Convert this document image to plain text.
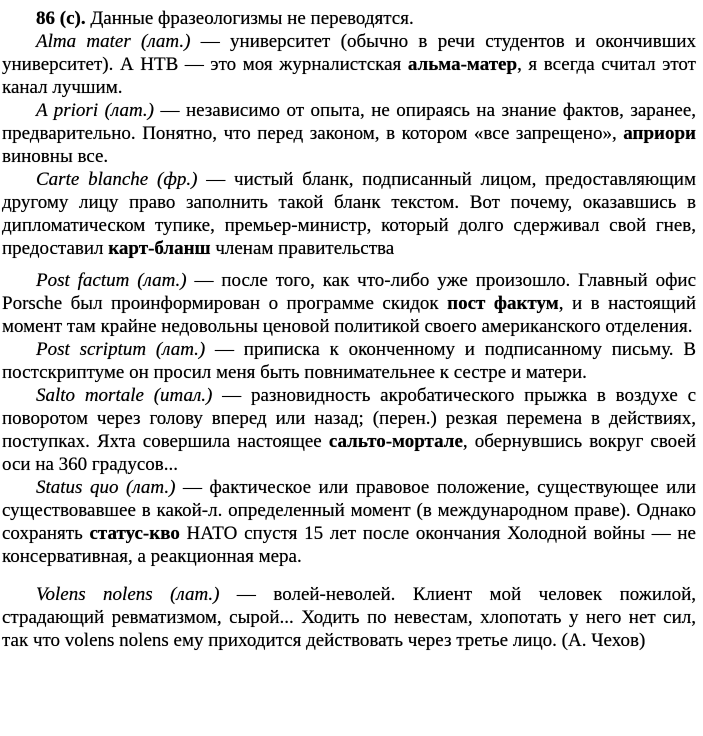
86 (с). Данные фразеологизмы не переводятся.

Alma mater (лат.) — университет (обычно в речи студентов и окончивших университет). А НТВ — это моя журналистская альма-матер, я всегда считал этот канал лучшим.

A priori (лат.) — независимо от опыта, не опираясь на знание фактов, заранее, предварительно. Понятно, что перед законом, в котором «все запрещено», априори виновны все.

Carte blanche (фр.) — чистый бланк, подписанный лицом, предоставляющим другому лицу право заполнить такой бланк текстом. Вот почему, оказавшись в дипломатическом тупике, премьер-министр, который долго сдерживал свой гнев, предоставил карт-бланш членам правительства

Post factum (лат.) — после того, как что-либо уже произошло. Главный офис Porsche был проинформирован о программе скидок пост фактум, и в настоящий момент там крайне недовольны ценовой политикой своего американского отделения.

Post scriptum (лат.) — приписка к оконченному и подписанному письму. В постскриптуме он просил меня быть повнимательнее к сестре и матери.

Salto mortale (итал.) — разновидность акробатического прыжка в воздухе с поворотом через голову вперед или назад; (перен.) резкая перемена в действиях, поступках. Яхта совершила настоящее сальто-мортале, обернувшись вокруг своей оси на 360 градусов...

Status quo (лат.) — фактическое или правовое положение, существующее или существовавшее в какой-л. определенный момент (в международном праве). Однако сохранять статус-кво НАТО спустя 15 лет после окончания Холодной войны — не консервативная, а реакционная мера.

Volens nolens (лат.) — волей-неволей. Клиент мой человек пожилой, страдающий ревматизмом, сырой... Ходить по невестам, хлопотать у него нет сил, так что volens nolens ему приходится действовать через третье лицо. (А. Чехов)
